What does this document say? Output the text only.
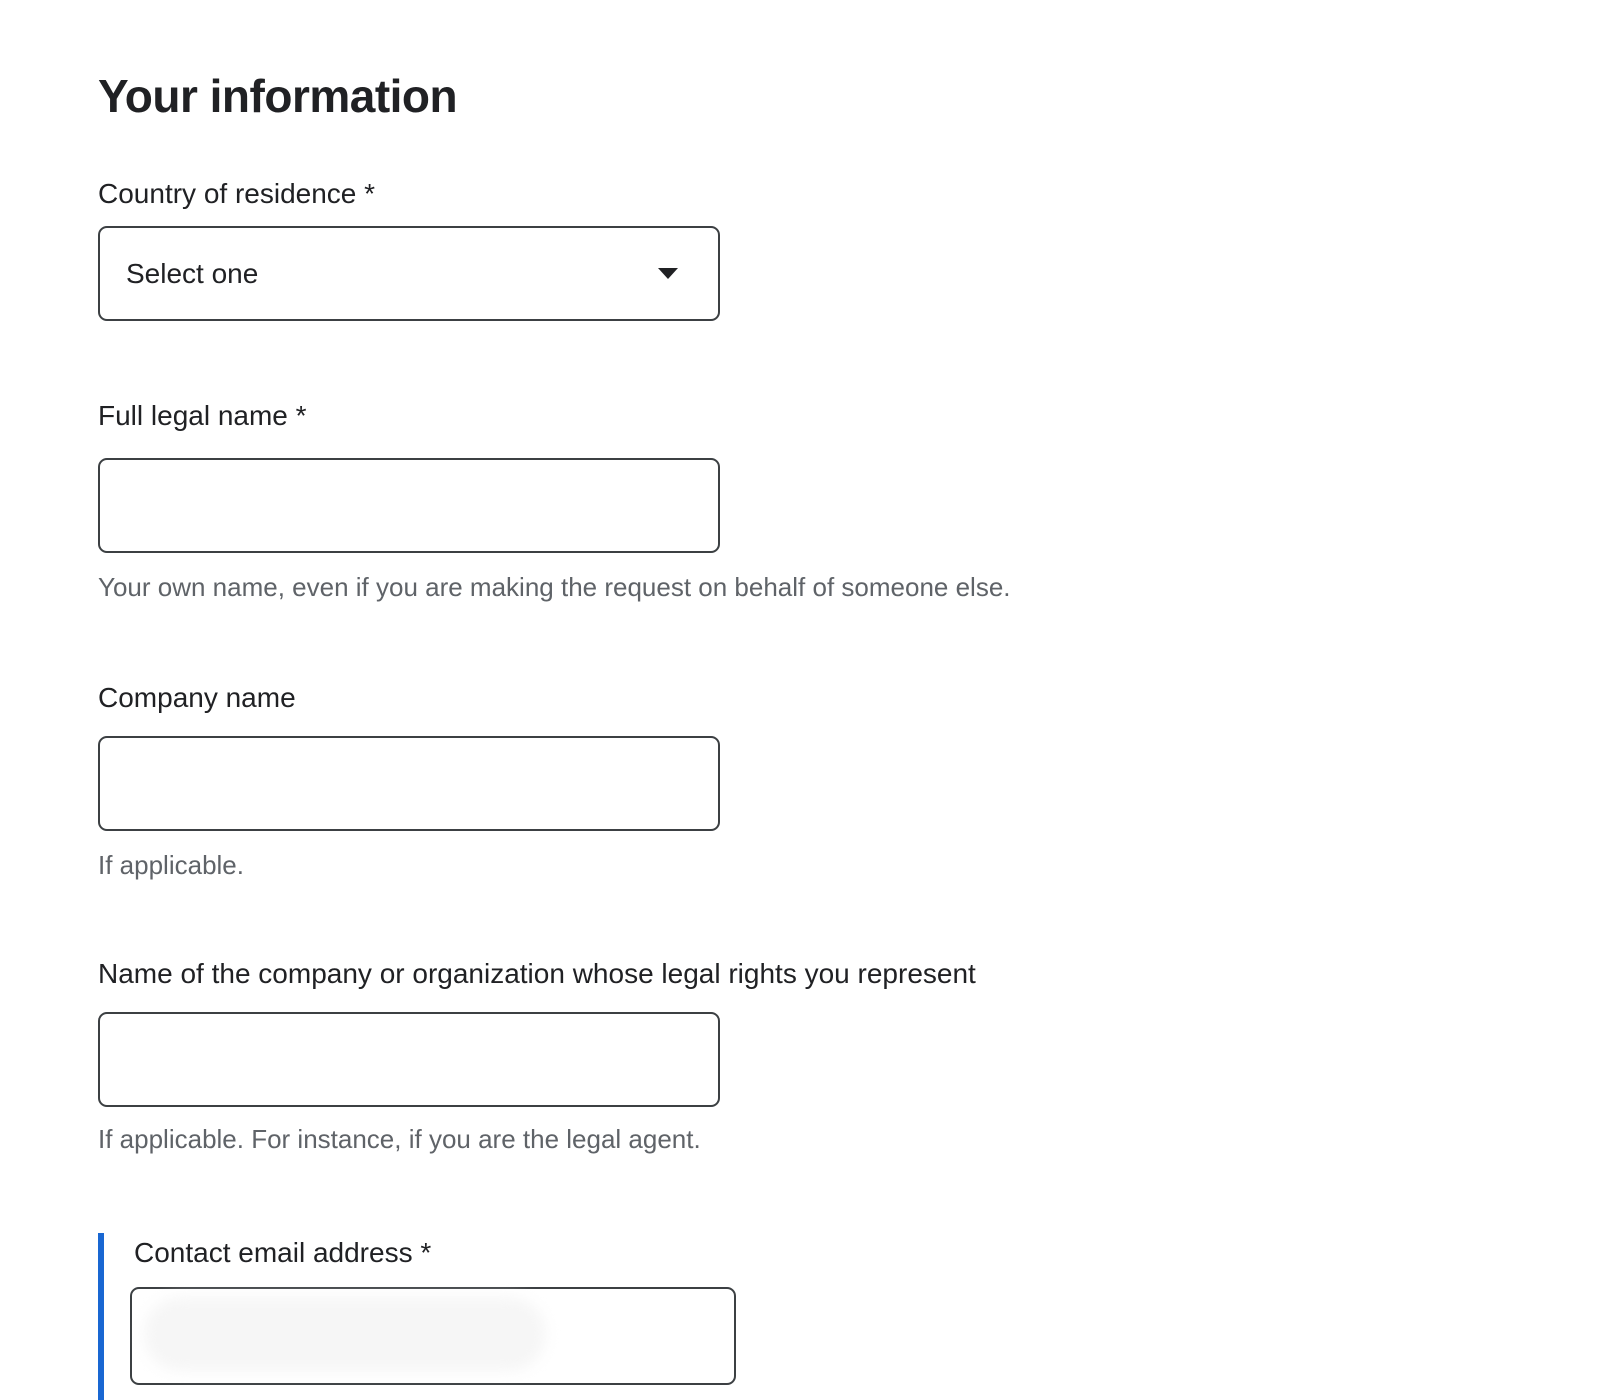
Your information
Country of residence *
Select one
Full legal name *
Your own name, even if you are making the request on behalf of someone else.
Company name
If applicable.
Name of the company or organization whose legal rights you represent
If applicable. For instance, if you are the legal agent.
Contact email address *
